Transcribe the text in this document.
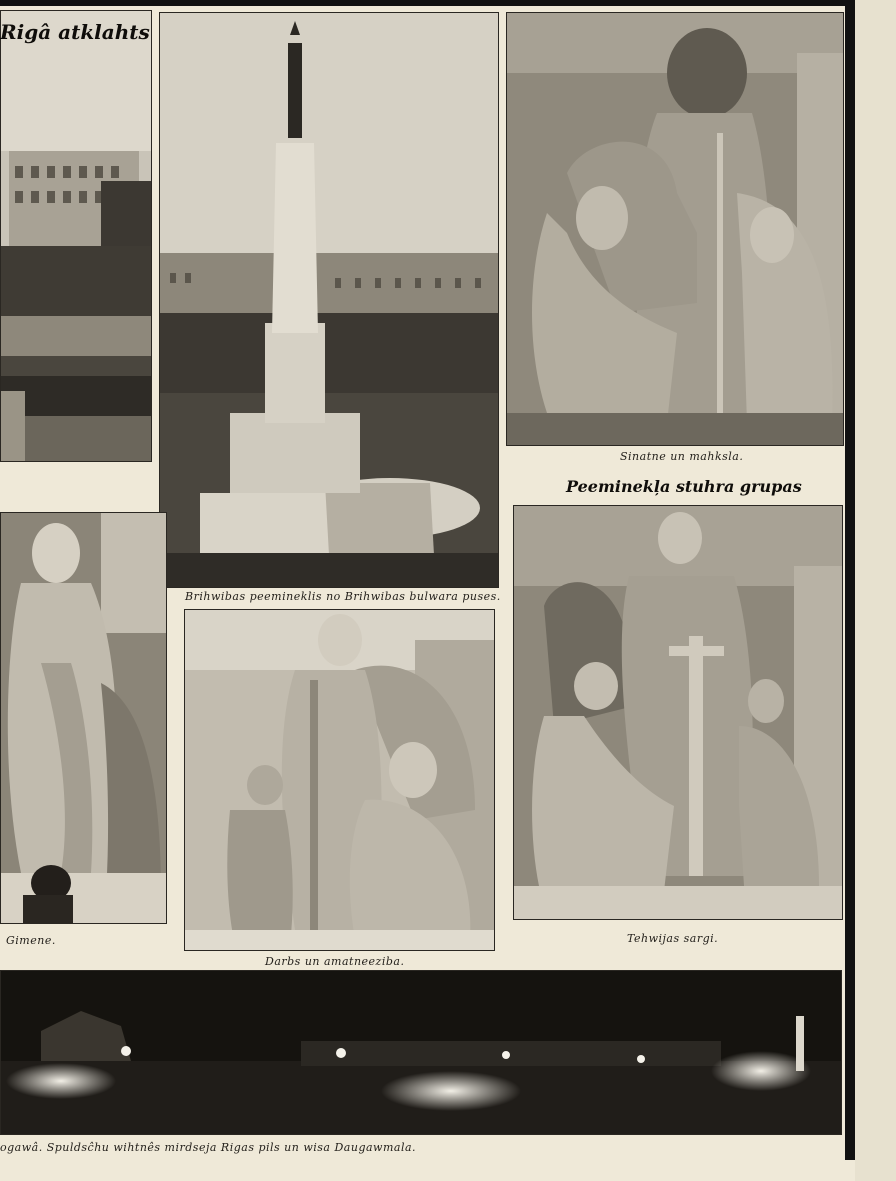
Rigâ atklahts
Brihwibas peemineklis no Brihwibas bulwara puses.
Sinatne un mahksla.
Peeminekļa stuhra grupas
Gimene.
Darbs un amatneeziba.
Tehwijas sargi.
ogawâ. Spuldsĉhu wihtnês mirdseja Rigas pils un wisa Daugawmala.
